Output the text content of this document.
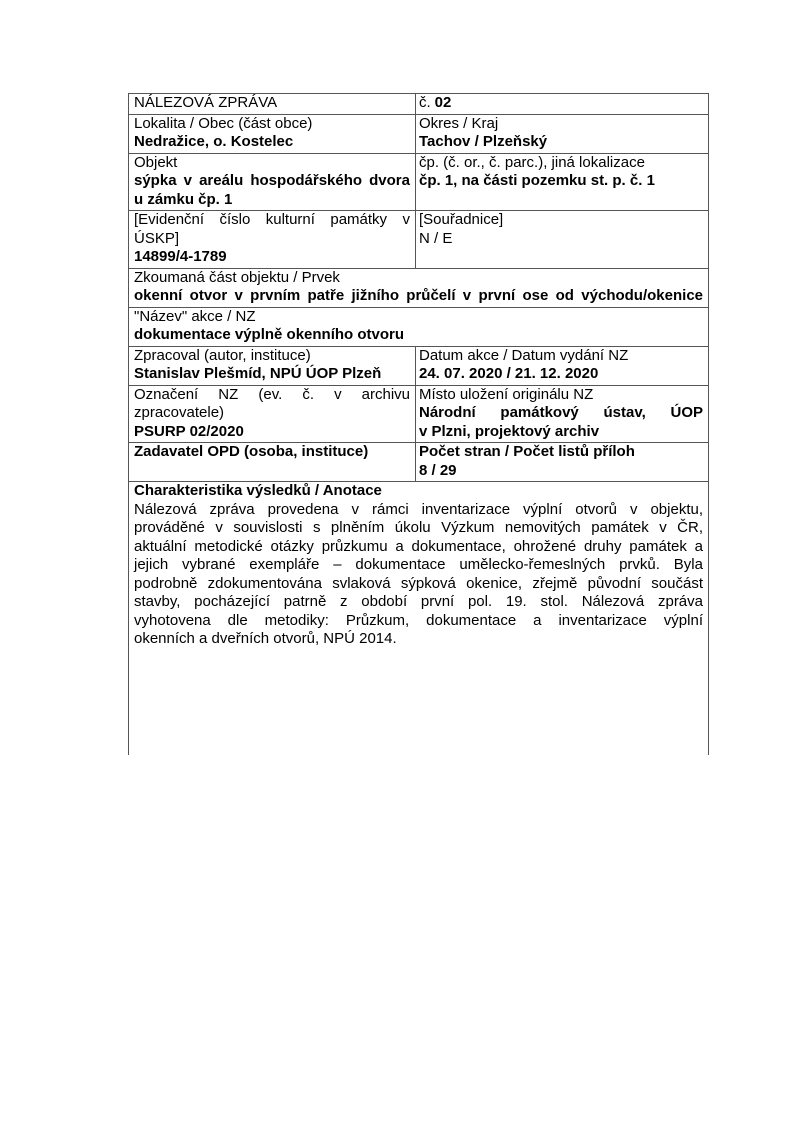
NÁLEZOVÁ ZPRÁVA	č. 02
Lokalita / Obec (část obce)
Nedražice, o. Kostelec
Okres / Kraj
Tachov / Plzeňský
Objekt
sýpka v areálu hospodářského dvora
u zámku čp. 1
čp. (č. or., č. parc.), jiná lokalizace
čp. 1, na části pozemku st. p. č. 1
[Evidenční číslo kulturní památky v
ÚSKP]
14899/4-1789
[Souřadnice]
N / E
Zkoumaná část objektu / Prvek
okenní otvor v prvním patře jižního průčelí v první ose od východu/okenice
"Název" akce / NZ
dokumentace výplně okenního otvoru
Zpracoval (autor, instituce)
Stanislav Plešmíd, NPÚ ÚOP Plzeň
Datum akce / Datum vydání NZ
24. 07. 2020 / 21. 12. 2020
Označení NZ (ev. č. v archivu
zpracovatele)
PSURP 02/2020
Místo uložení originálu NZ
Národní památkový ústav, ÚOP
v Plzni, projektový archiv
Zadavatel OPD (osoba, instituce)	Počet stran / Počet listů příloh
8 / 29
Charakteristika výsledků / Anotace
Nálezová zpráva provedena v rámci inventarizace výplní otvorů v objektu,
prováděné v souvislosti s plněním úkolu Výzkum nemovitých památek v ČR,
aktuální metodické otázky průzkumu a dokumentace, ohrožené druhy památek a
jejich vybrané exempláře – dokumentace umělecko-řemeslných prvků. Byla
podrobně zdokumentována svlaková sýpková okenice, zřejmě původní součást
stavby, pocházející patrně z období první pol. 19. stol. Nálezová zpráva
vyhotovena dle metodiky: Průzkum, dokumentace a inventarizace výplní
okenních a dveřních otvorů, NPÚ 2014.
